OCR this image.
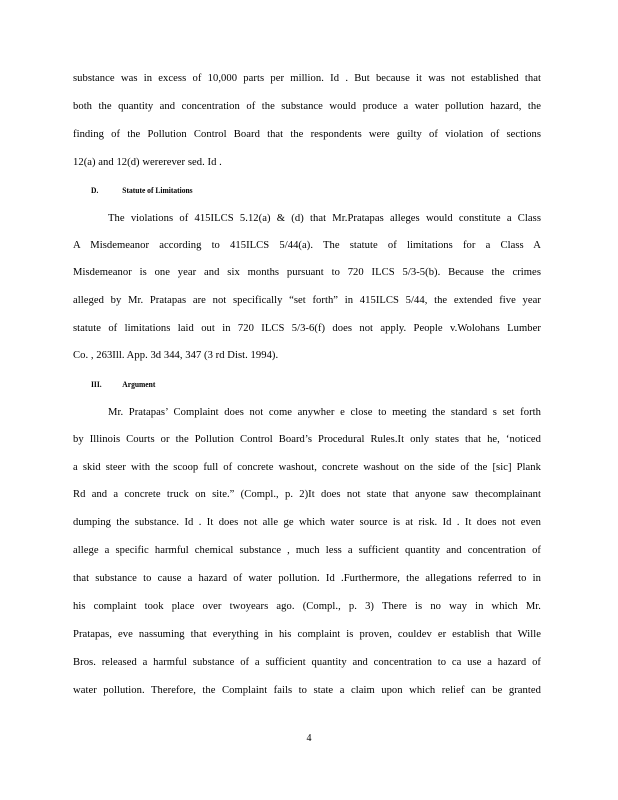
substance was in excess of 10,000 parts per million. Id . But because it was not established that
both the quantity and concentration of the substance would produce a water pollution hazard, the
finding of the Pollution Control Board that the respondents were guilty of violation of sections
12(a) and 12(d) wererever sed. Id .
D.	Statute of Limitations
The violations of 415ILCS 5.12(a) & (d) that Mr.Pratapas alleges would constitute a Class
A Misdemeanor according to 415ILCS 5/44(a). The statute of limitations for a Class A
Misdemeanor is one year and six months pursuant to 720 ILCS 5/3-5(b). Because the crimes
alleged by Mr. Pratapas are not specifically “set forth” in 415ILCS 5/44, the extended five year
statute of limitations laid out in 720 ILCS 5/3-6(f) does not apply. People v.Wolohans Lumber
Co. , 263Ill. App. 3d 344, 347 (3 rd Dist. 1994).
III.	Argument
Mr. Pratapas’ Complaint does not come anywher e close to meeting the standard s set forth
by Illinois Courts or the Pollution Control Board’s Procedural Rules.It only states that he, ‘noticed
a skid steer with the scoop full of concrete washout, concrete washout on the side of the [sic] Plank
Rd and a concrete truck on site.” (Compl., p. 2)It does not state that anyone saw thecomplainant
dumping the substance. Id . It does not alle ge which water source is at risk. Id . It does not even
allege a specific harmful chemical substance , much less a sufficient quantity and concentration of
that substance to cause a hazard of water pollution. Id .Furthermore, the allegations referred to in
his complaint took place over twoyears ago. (Compl., p. 3) There is no way in which Mr.
Pratapas, eve nassuming that everything in his complaint is proven, couldev er establish that Wille
Bros. released a harmful substance of a sufficient quantity and concentration to ca use a hazard of
water pollution. Therefore, the Complaint fails to state a claim upon which relief can be granted
4
